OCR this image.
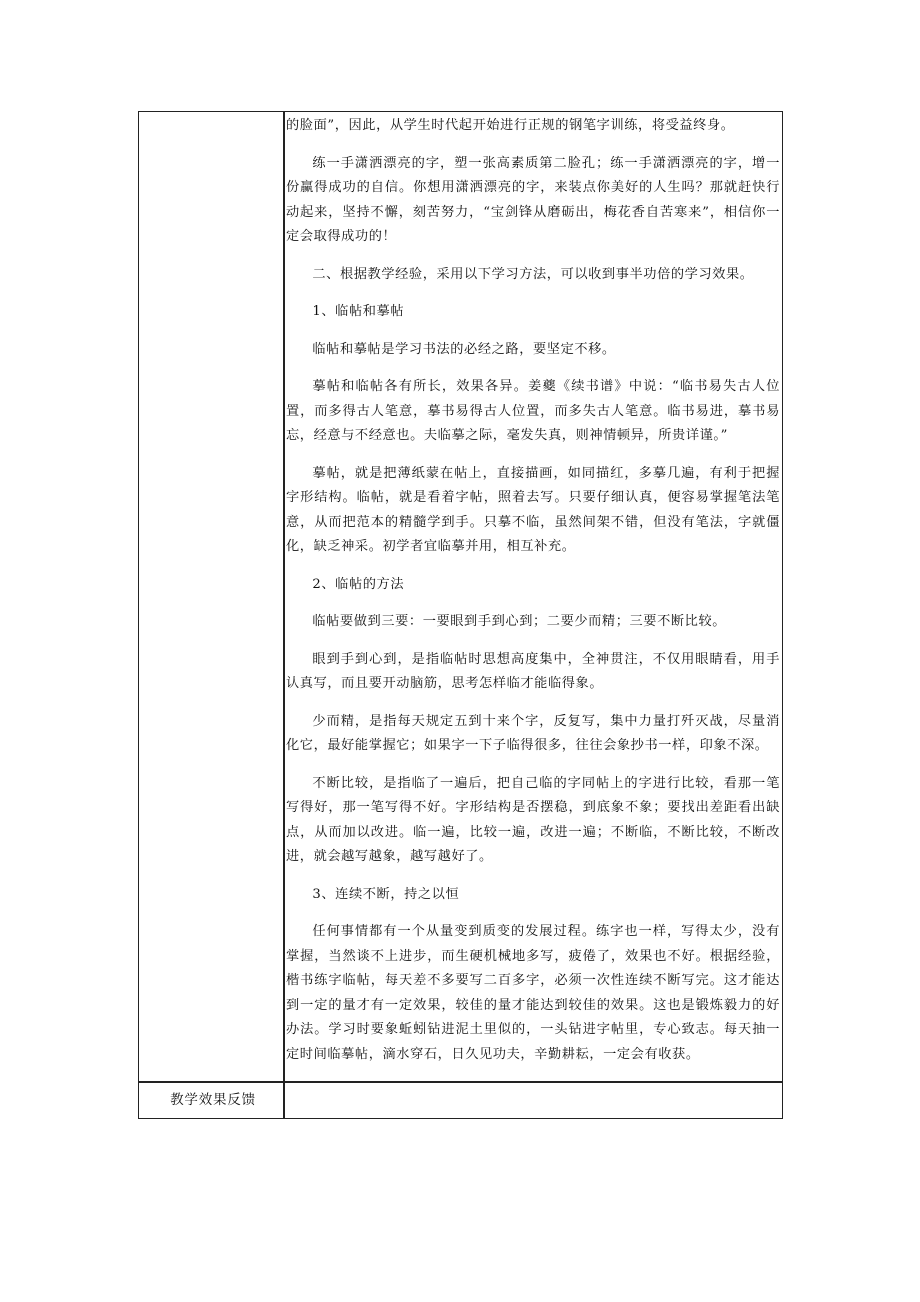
的脸面”，因此，从学生时代起开始进行正规的钢笔字训练，将受益终身。

练一手潇洒漂亮的字，塑一张高素质第二脸孔；练一手潇洒漂亮的字，增一份赢得成功的自信。你想用潇洒漂亮的字，来装点你美好的人生吗？那就赶快行动起来，坚持不懈，刻苦努力，“宝剑锋从磨砺出，梅花香自苦寒来”，相信你一定会取得成功的！

二、根据教学经验，采用以下学习方法，可以收到事半功倍的学习效果。

1、临帖和摹帖

临帖和摹帖是学习书法的必经之路，要坚定不移。

摹帖和临帖各有所长，效果各异。姜夔《续书谱》中说：“临书易失古人位置，而多得古人笔意，摹书易得古人位置，而多失古人笔意。临书易进，摹书易忘，经意与不经意也。夫临摹之际，毫发失真，则神情顿异，所贵详谨。”

摹帖，就是把薄纸蒙在帖上，直接描画，如同描红，多摹几遍，有利于把握字形结构。临帖，就是看着字帖，照着去写。只要仔细认真，便容易掌握笔法笔意，从而把范本的精髓学到手。只摹不临，虽然间架不错，但没有笔法，字就僵化，缺乏神采。初学者宜临摹并用，相互补充。

2、临帖的方法

临帖要做到三要：一要眼到手到心到；二要少而精；三要不断比较。

眼到手到心到，是指临帖时思想高度集中，全神贯注，不仅用眼睛看，用手认真写，而且要开动脑筋，思考怎样临才能临得象。

少而精，是指每天规定五到十来个字，反复写，集中力量打歼灭战，尽量消化它，最好能掌握它；如果字一下子临得很多，往往会象抄书一样，印象不深。

不断比较，是指临了一遍后，把自己临的字同帖上的字进行比较，看那一笔写得好，那一笔写得不好。字形结构是否摆稳，到底象不象；要找出差距看出缺点，从而加以改进。临一遍，比较一遍，改进一遍；不断临，不断比较，不断改进，就会越写越象，越写越好了。

3、连续不断，持之以恒

任何事情都有一个从量变到质变的发展过程。练字也一样，写得太少，没有掌握，当然谈不上进步，而生硬机械地多写，疲倦了，效果也不好。根据经验，楷书练字临帖，每天差不多要写二百多字，必须一次性连续不断写完。这才能达到一定的量才有一定效果，较佳的量才能达到较佳的效果。这也是锻炼毅力的好办法。学习时要象蚯蚓钻进泥土里似的，一头钻进字帖里，专心致志。每天抽一定时间临摹帖，滴水穿石，日久见功夫，辛勤耕耘，一定会有收获。

教学效果反馈
